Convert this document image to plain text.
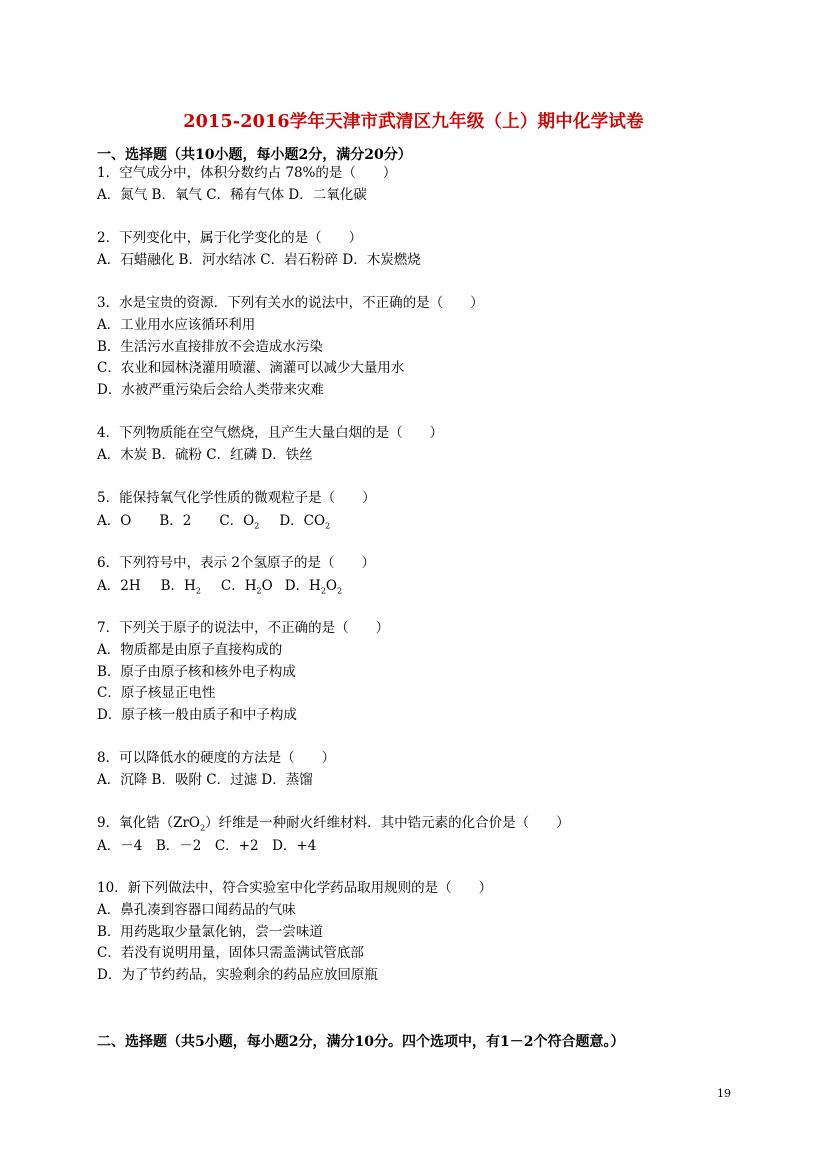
2015-2016学年天津市武清区九年级（上）期中化学试卷
一、选择题（共10小题，每小题2分，满分20分）
1．空气成分中，体积分数约占 78%的是（　　）
A．氮气 B．氧气 C．稀有气体 D．二氧化碳
2．下列变化中，属于化学变化的是（　　）
A．石蜡融化 B．河水结冰 C．岩石粉碎 D．木炭燃烧
3．水是宝贵的资源．下列有关水的说法中，不正确的是（　　）
A．工业用水应该循环利用
B．生活污水直接排放不会造成水污染
C．农业和园林浇灌用喷灌、滴灌可以减少大量用水
D．水被严重污染后会给人类带来灾难
4．下列物质能在空气燃烧，且产生大量白烟的是（　　）
A．木炭 B．硫粉 C．红磷 D．铁丝
5．能保持氧气化学性质的微观粒子是（　　）
A．O B．2 C．$O_2$ D．$CO_2$
6．下列符号中，表示 2个氢原子的是（　　）
A．2H B．$H_2$ C．$H_2O$ D．$H_2O_2$
7．下列关于原子的说法中，不正确的是（　　）
A．物质都是由原子直接构成的
B．原子由原子核和核外电子构成
C．原子核显正电性
D．原子核一般由质子和中子构成
8．可以降低水的硬度的方法是（　　）
A．沉降 B．吸附 C．过滤 D．蒸馏
9．氧化锆（ZrO$_2$）纤维是一种耐火纤维材料．其中锆元素的化合价是（　　）
A．－4　B．－2　C．+2　D．+4
10．新下列做法中，符合实验室中化学药品取用规则的是（　　）
A．鼻孔凑到容器口闻药品的气味
B．用药匙取少量氯化钠，尝一尝味道
C．若没有说明用量，固体只需盖满试管底部
D．为了节约药品，实验剩余的药品应放回原瓶
二、选择题（共5小题，每小题2分，满分10分。四个选项中，有1－2个符合题意。）
19
